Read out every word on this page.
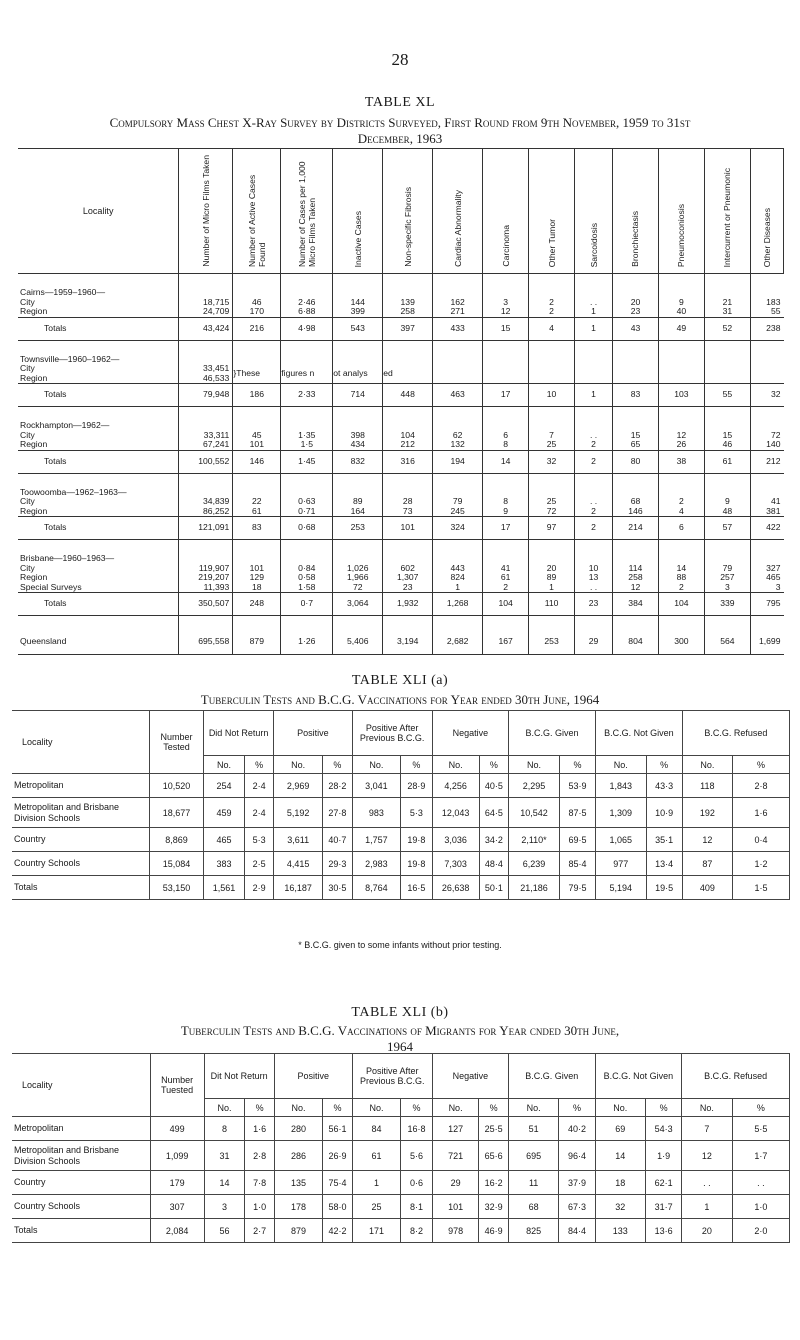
28
TABLE XL
Compulsory Mass Chest X-Ray Survey by Districts Surveyed, First Round from 9th November, 1959 to 31st
December, 1963
Locality	Number of Micro Films Taken	Number of Active Cases Found	Number of Cases per 1,000 Micro Films Taken	Inactive Cases	Non-specific Fibrosis	Cardiac Abnormality	Carcinoma	Other Tumor	Sarcoidosis	Bronchiectasis	Pneumoconiosis	Intercurrent or Pneumonic	Other Diseases

Cairns—1959–1960—													
City	18,715	46	2·46	144	139	162	3	2	. .	20	9	21	183
Region	24,709	170	6·88	399	258	271	12	2	1	23	40	31	55
Totals	43,424	216	4·98	543	397	433	15	4	1	43	49	52	238

Townsville—1960–1962—													
City	33,451	}These	figures n	ot analys	ed								
Region	46,533												
Totals	79,948	186	2·33	714	448	463	17	10	1	83	103	55	32

Rockhampton—1962—													
City	33,311	45	1·35	398	104	62	6	7	. .	15	12	15	72
Region	67,241	101	1·5	434	212	132	8	25	2	65	26	46	140
Totals	100,552	146	1·45	832	316	194	14	32	2	80	38	61	212

Toowoomba—1962–1963—													
City	34,839	22	0·63	89	28	79	8	25	. .	68	2	9	41
Region	86,252	61	0·71	164	73	245	9	72	2	146	4	48	381
Totals	121,091	83	0·68	253	101	324	17	97	2	214	6	57	422

Brisbane—1960–1963—													
City	119,907	101	0·84	1,026	602	443	41	20	10	114	14	79	327
Region	219,207	129	0·58	1,966	1,307	824	61	89	13	258	88	257	465
Special Surveys	11,393	18	1·58	72	23	1	2	1	. .	12	2	3	3
Totals	350,507	248	0·7	3,064	1,932	1,268	104	110	23	384	104	339	795

Queensland	695,558	879	1·26	5,406	3,194	2,682	167	253	29	804	300	564	1,699
TABLE XLI (a)
Tuberculin Tests and B.C.G. Vaccinations for Year ended 30th June, 1964
Locality	Number Tested	Did Not Return		Positive		Positive After Previous B.C.G.		Negative		B.C.G. Given		B.C.G. Not Given		B.C.G. Refused	
		No.	%	No.	%	No.	%	No.	%	No.	%	No.	%	No.	%
Metropolitan	10,520	254	2·4	2,969	28·2	3,041	28·9	4,256	40·5	2,295	53·9	1,843	43·3	118	2·8
Metropolitan and Brisbane Division Schools	18,677	459	2·4	5,192	27·8	983	5·3	12,043	64·5	10,542	87·5	1,309	10·9	192	1·6
Country	8,869	465	5·3	3,611	40·7	1,757	19·8	3,036	34·2	2,110*	69·5	1,065	35·1	12	0·4
Country Schools	15,084	383	2·5	4,415	29·3	2,983	19·8	7,303	48·4	6,239	85·4	977	13·4	87	1·2
Totals	53,150	1,561	2·9	16,187	30·5	8,764	16·5	26,638	50·1	21,186	79·5	5,194	19·5	409	1·5
* B.C.G. given to some infants without prior testing.
TABLE XLI (b)
Tuberculin Tests and B.C.G. Vaccinations of Migrants for Year cnded 30th June,
1964
Locality	Number Tuested	Dit Not Return		Positive		Positive After Previous B.C.G.		Negative		B.C.G. Given		B.C.G. Not Given		B.C.G. Refused	
		No.	%	No.	%	No.	%	No.	%	No.	%	No.	%	No.	%
Metropolitan	499	8	1·6	280	56·1	84	16·8	127	25·5	51	40·2	69	54·3	7	5·5
Metropolitan and Brisbane Division Schools	1,099	31	2·8	286	26·9	61	5·6	721	65·6	695	96·4	14	1·9	12	1·7
Country	179	14	7·8	135	75·4	1	0·6	29	16·2	11	37·9	18	62·1	. .	. .
Country Schools	307	3	1·0	178	58·0	25	8·1	101	32·9	68	67·3	32	31·7	1	1·0
Totals	2,084	56	2·7	879	42·2	171	8·2	978	46·9	825	84·4	133	13·6	20	2·0
